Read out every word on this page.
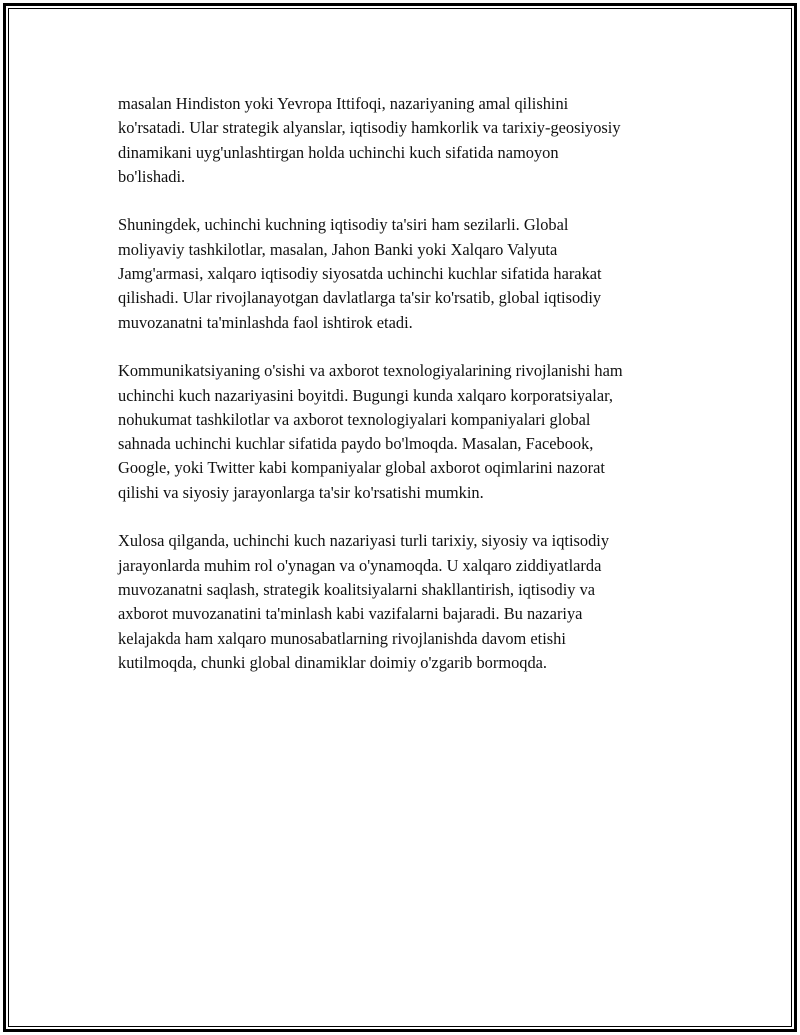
masalan Hindiston yoki Yevropa Ittifoqi, nazariyaning amal qilishini
ko'rsatadi. Ular strategik alyanslar, iqtisodiy hamkorlik va tarixiy-geosiyosiy
dinamikani uyg'unlashtirgan holda uchinchi kuch sifatida namoyon
bo'lishadi.

Shuningdek, uchinchi kuchning iqtisodiy ta'siri ham sezilarli. Global
moliyaviy tashkilotlar, masalan, Jahon Banki yoki Xalqaro Valyuta
Jamg'armasi, xalqaro iqtisodiy siyosatda uchinchi kuchlar sifatida harakat
qilishadi. Ular rivojlanayotgan davlatlarga ta'sir ko'rsatib, global iqtisodiy
muvozanatni ta'minlashda faol ishtirok etadi.

Kommunikatsiyaning o'sishi va axborot texnologiyalarining rivojlanishi ham
uchinchi kuch nazariyasini boyitdi. Bugungi kunda xalqaro korporatsiyalar,
nohukumat tashkilotlar va axborot texnologiyalari kompaniyalari global
sahnada uchinchi kuchlar sifatida paydo bo'lmoqda. Masalan, Facebook,
Google, yoki Twitter kabi kompaniyalar global axborot oqimlarini nazorat
qilishi va siyosiy jarayonlarga ta'sir ko'rsatishi mumkin.

Xulosa qilganda, uchinchi kuch nazariyasi turli tarixiy, siyosiy va iqtisodiy
jarayonlarda muhim rol o'ynagan va o'ynamoqda. U xalqaro ziddiyatlarda
muvozanatni saqlash, strategik koalitsiyalarni shakllantirish, iqtisodiy va
axborot muvozanatini ta'minlash kabi vazifalarni bajaradi. Bu nazariya
kelajakda ham xalqaro munosabatlarning rivojlanishda davom etishi
kutilmoqda, chunki global dinamiklar doimiy o'zgarib bormoqda.
